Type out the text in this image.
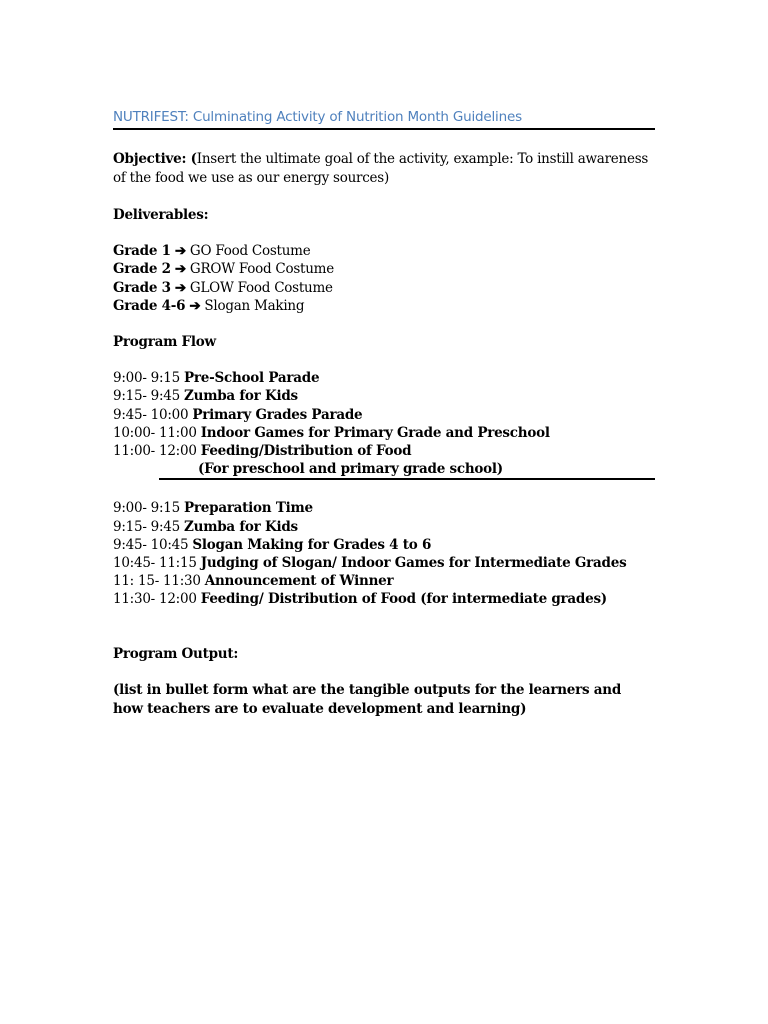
NUTRIFEST: Culminating Activity of Nutrition Month Guidelines
Objective: (Insert the ultimate goal of the activity, example: To instill awareness of the food we use as our energy sources)
Deliverables:
Grade 1 ➔ GO Food Costume
Grade 2 ➔ GROW Food Costume
Grade 3 ➔ GLOW Food Costume
Grade 4-6 ➔ Slogan Making
Program Flow
9:00- 9:15 Pre-School Parade
9:15- 9:45 Zumba for Kids
9:45- 10:00 Primary Grades Parade
10:00- 11:00 Indoor Games for Primary Grade and Preschool
11:00- 12:00 Feeding/Distribution of Food
(For preschool and primary grade school)
9:00- 9:15 Preparation Time
9:15- 9:45 Zumba for Kids
9:45- 10:45 Slogan Making for Grades 4 to 6
10:45- 11:15 Judging of Slogan/ Indoor Games for Intermediate Grades
11: 15- 11:30 Announcement of Winner
11:30- 12:00 Feeding/ Distribution of Food (for intermediate grades)
Program Output:
(list in bullet form what are the tangible outputs for the learners and how teachers are to evaluate development and learning)
